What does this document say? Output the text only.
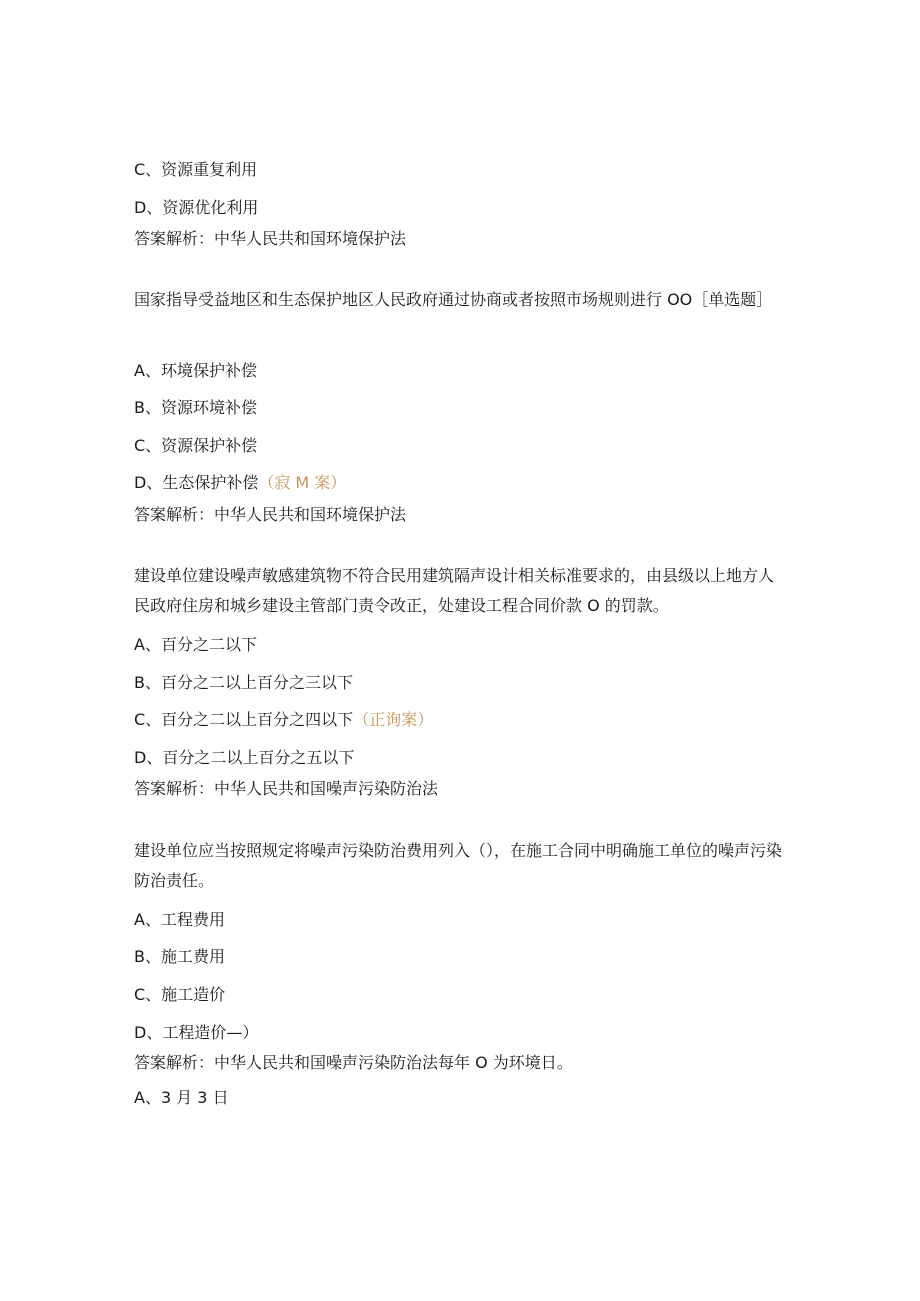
C、资源重复利用
D、资源优化利用
答案解析：中华人民共和国环境保护法
国家指导受益地区和生态保护地区人民政府通过协商或者按照市场规则进行 OO［单选题］
A、环境保护补偿
B、资源环境补偿
C、资源保护补偿
D、生态保护补偿（寂 M 案）
答案解析：中华人民共和国环境保护法
建设单位建设噪声敏感建筑物不符合民用建筑隔声设计相关标准要求的，由县级以上地方人民政府住房和城乡建设主管部门责令改正，处建设工程合同价款 O 的罚款。
A、百分之二以下
B、百分之二以上百分之三以下
C、百分之二以上百分之四以下（正询案）
D、百分之二以上百分之五以下
答案解析：中华人民共和国噪声污染防治法
建设单位应当按照规定将噪声污染防治费用列入（），在施工合同中明确施工单位的噪声污染防治责任。
A、工程费用
B、施工费用
C、施工造价
D、工程造价—）
答案解析：中华人民共和国噪声污染防治法每年 O 为环境日。
A、3 月 3 日
